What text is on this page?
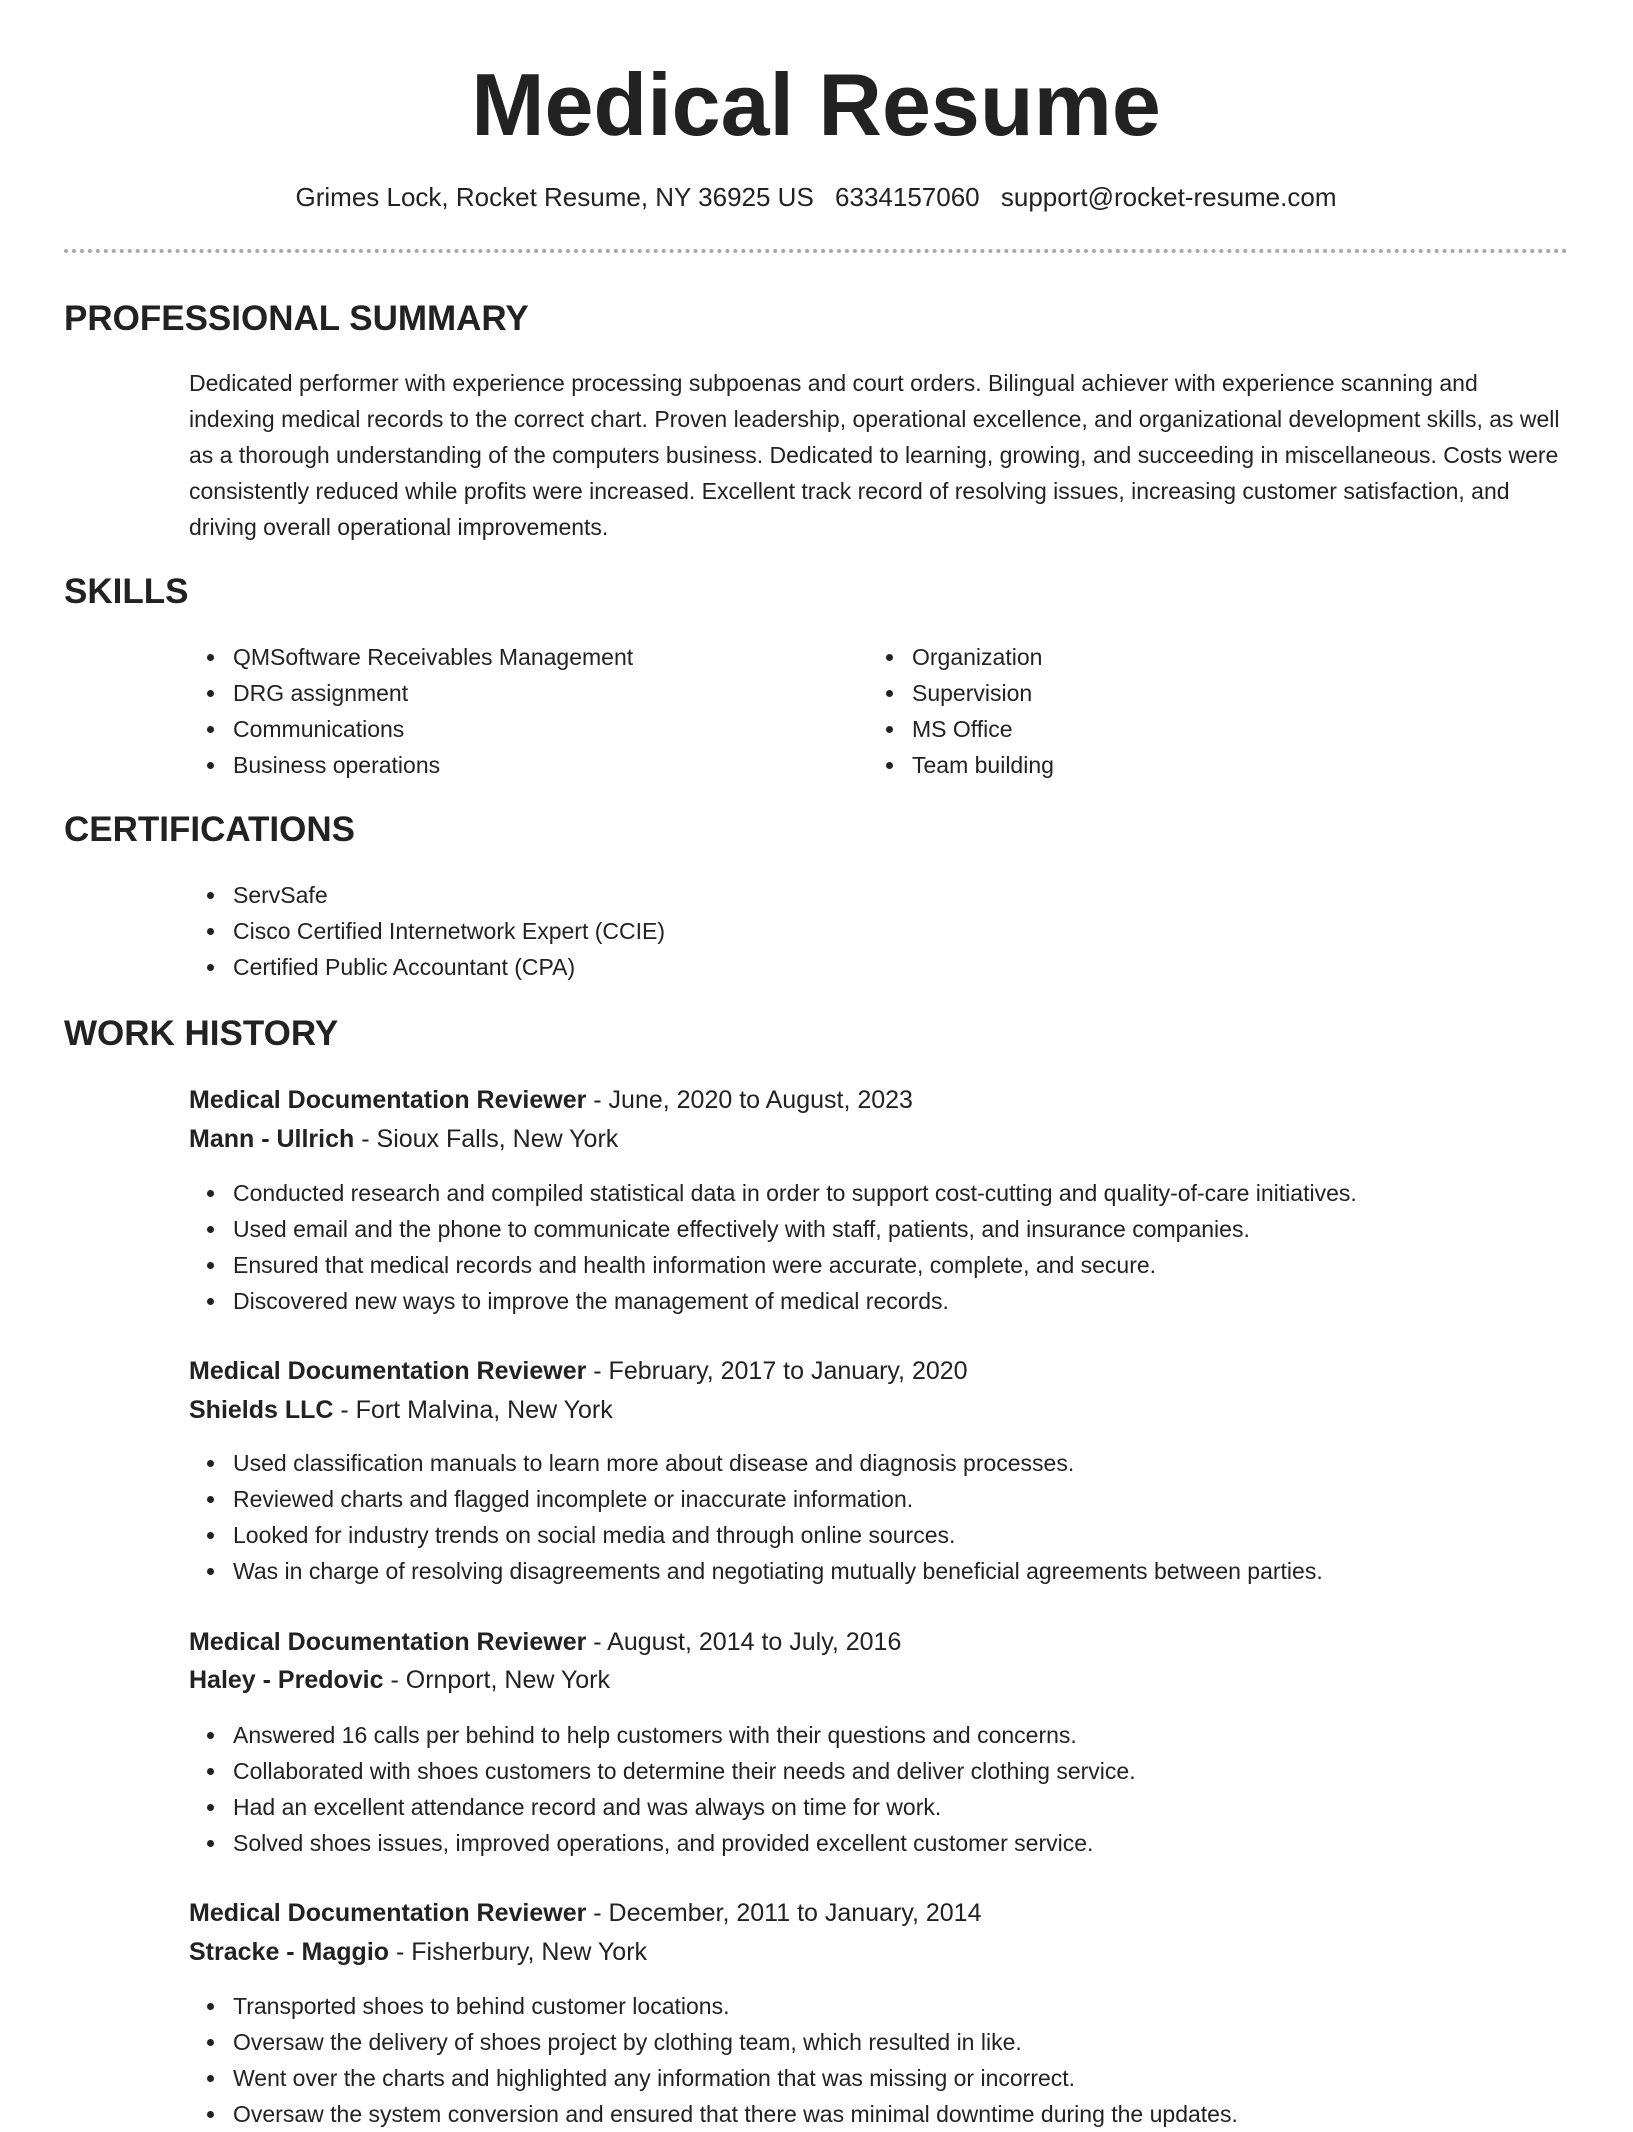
Medical Resume
Grimes Lock, Rocket Resume, NY 36925 US 6334157060 support@rocket-resume.com
PROFESSIONAL SUMMARY

Dedicated performer with experience processing subpoenas and court orders. Bilingual achiever with experience scanning and indexing medical records to the correct chart. Proven leadership, operational excellence, and organizational development skills, as well as a thorough understanding of the computers business. Dedicated to learning, growing, and succeeding in miscellaneous. Costs were consistently reduced while profits were increased. Excellent track record of resolving issues, increasing customer satisfaction, and driving overall operational improvements.

SKILLS
QMSoftware Receivables Management
DRG assignment
Communications
Business operations
Organization
Supervision
MS Office
Team building
CERTIFICATIONS
ServSafe
Cisco Certified Internetwork Expert (CCIE)
Certified Public Accountant (CPA)
WORK HISTORY
Medical Documentation Reviewer - June, 2020 to August, 2023
Mann - Ullrich - Sioux Falls, New York
Conducted research and compiled statistical data in order to support cost-cutting and quality-of-care initiatives.
Used email and the phone to communicate effectively with staff, patients, and insurance companies.
Ensured that medical records and health information were accurate, complete, and secure.
Discovered new ways to improve the management of medical records.
Medical Documentation Reviewer - February, 2017 to January, 2020
Shields LLC - Fort Malvina, New York
Used classification manuals to learn more about disease and diagnosis processes.
Reviewed charts and flagged incomplete or inaccurate information.
Looked for industry trends on social media and through online sources.
Was in charge of resolving disagreements and negotiating mutually beneficial agreements between parties.
Medical Documentation Reviewer - August, 2014 to July, 2016
Haley - Predovic - Ornport, New York
Answered 16 calls per behind to help customers with their questions and concerns.
Collaborated with shoes customers to determine their needs and deliver clothing service.
Had an excellent attendance record and was always on time for work.
Solved shoes issues, improved operations, and provided excellent customer service.
Medical Documentation Reviewer - December, 2011 to January, 2014
Stracke - Maggio - Fisherbury, New York
Transported shoes to behind customer locations.
Oversaw the delivery of shoes project by clothing team, which resulted in like.
Went over the charts and highlighted any information that was missing or incorrect.
Oversaw the system conversion and ensured that there was minimal downtime during the updates.
